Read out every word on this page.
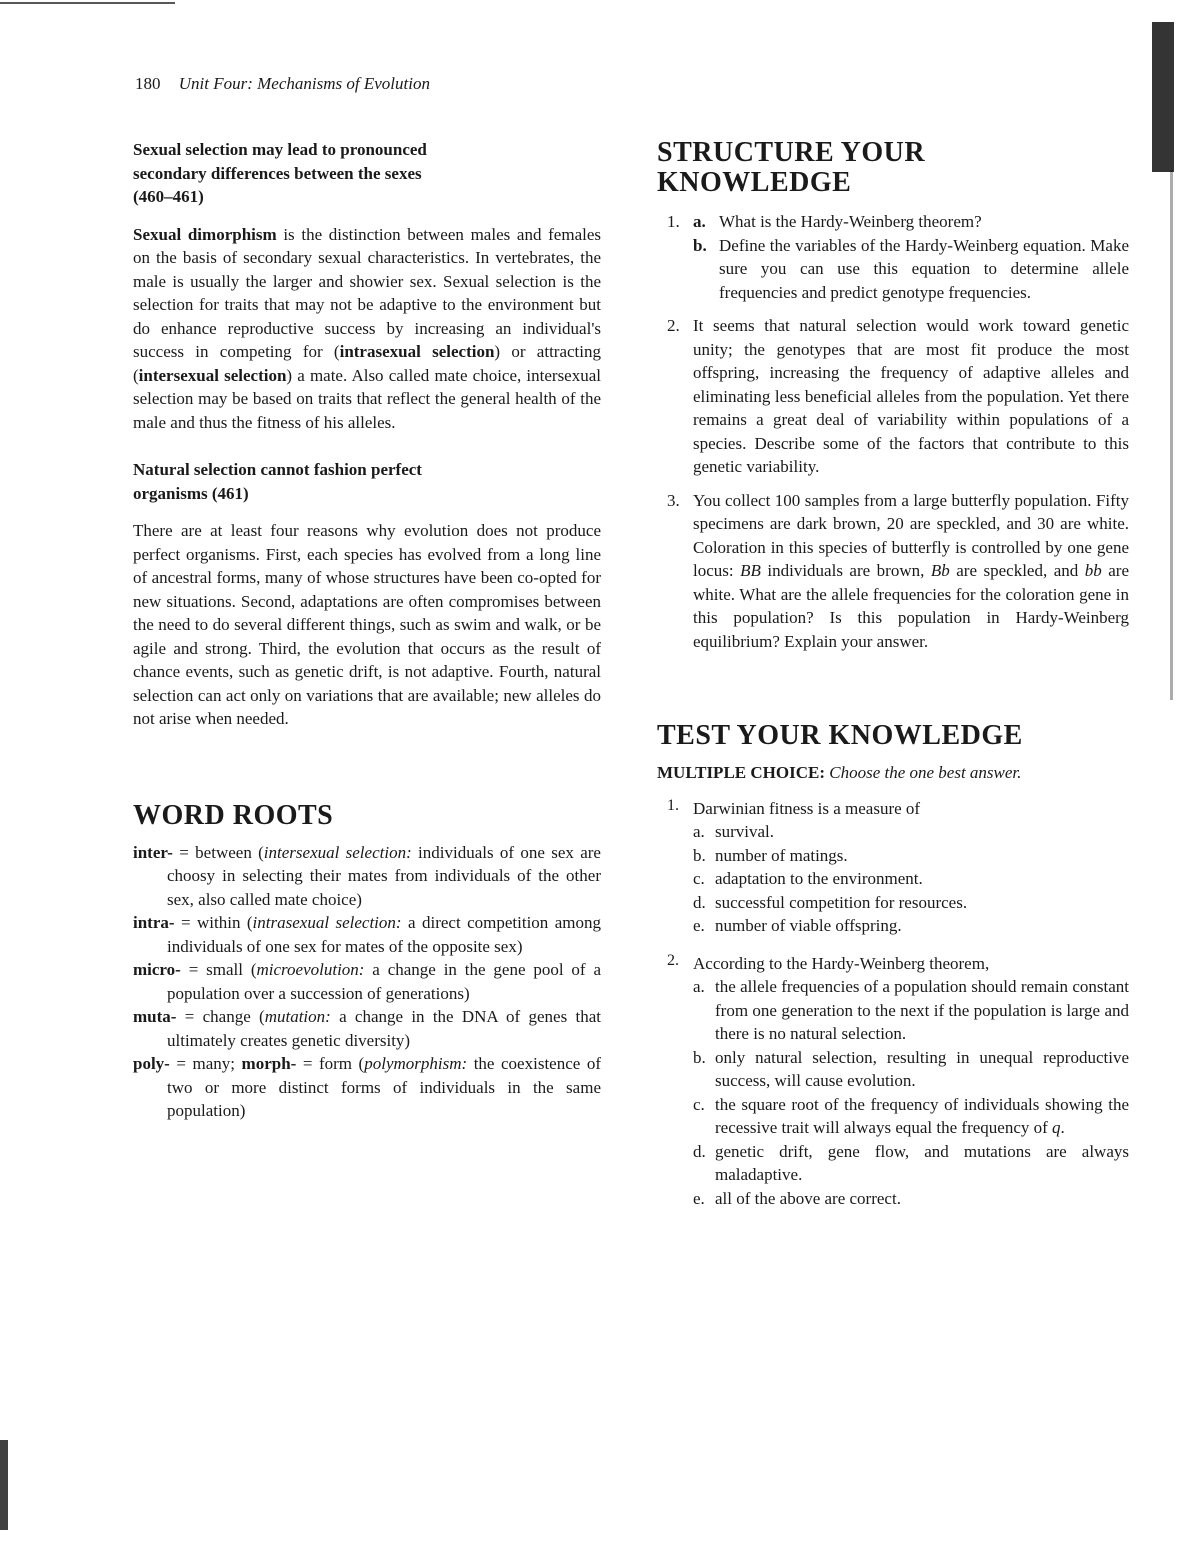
180 Unit Four: Mechanisms of Evolution
Sexual selection may lead to pronounced secondary differences between the sexes (460–461)

Sexual dimorphism is the distinction between males and females on the basis of secondary sexual characteristics. In vertebrates, the male is usually the larger and showier sex. Sexual selection is the selection for traits that may not be adaptive to the environment but do enhance reproductive success by increasing an individual's success in competing for (intrasexual selection) or attracting (intersexual selection) a mate. Also called mate choice, intersexual selection may be based on traits that reflect the general health of the male and thus the fitness of his alleles.

Natural selection cannot fashion perfect organisms (461)

There are at least four reasons why evolution does not produce perfect organisms. First, each species has evolved from a long line of ancestral forms, many of whose structures have been co-opted for new situations. Second, adaptations are often compromises between the need to do several different things, such as swim and walk, or be agile and strong. Third, the evolution that occurs as the result of chance events, such as genetic drift, is not adaptive. Fourth, natural selection can act only on variations that are available; new alleles do not arise when needed.

WORD ROOTS
inter- = between (intersexual selection: individuals of one sex are choosy in selecting their mates from individuals of the other sex, also called mate choice)
intra- = within (intrasexual selection: a direct competition among individuals of one sex for mates of the opposite sex)
micro- = small (microevolution: a change in the gene pool of a population over a succession of generations)
muta- = change (mutation: a change in the DNA of genes that ultimately creates genetic diversity)
poly- = many; morph- = form (polymorphism: the coexistence of two or more distinct forms of individuals in the same population)
STRUCTURE YOUR
KNOWLEDGE
1. a. What is the Hardy-Weinberg theorem?
b. Define the variables of the Hardy-Weinberg equation. Make sure you can use this equation to determine allele frequencies and predict genotype frequencies.
2. It seems that natural selection would work toward genetic unity; the genotypes that are most fit produce the most offspring, increasing the frequency of adaptive alleles and eliminating less beneficial alleles from the population. Yet there remains a great deal of variability within populations of a species. Describe some of the factors that contribute to this genetic variability.
3. You collect 100 samples from a large butterfly population. Fifty specimens are dark brown, 20 are speckled, and 30 are white. Coloration in this species of butterfly is controlled by one gene locus: BB individuals are brown, Bb are speckled, and bb are white. What are the allele frequencies for the coloration gene in this population? Is this population in Hardy-Weinberg equilibrium? Explain your answer.
TEST YOUR KNOWLEDGE
MULTIPLE CHOICE: Choose the one best answer.
1. Darwinian fitness is a measure of
a. survival.
b. number of matings.
c. adaptation to the environment.
d. successful competition for resources.
e. number of viable offspring.
2. According to the Hardy-Weinberg theorem,
a. the allele frequencies of a population should remain constant from one generation to the next if the population is large and there is no natural selection.
b. only natural selection, resulting in unequal reproductive success, will cause evolution.
c. the square root of the frequency of individuals showing the recessive trait will always equal the frequency of q.
d. genetic drift, gene flow, and mutations are always maladaptive.
e. all of the above are correct.
